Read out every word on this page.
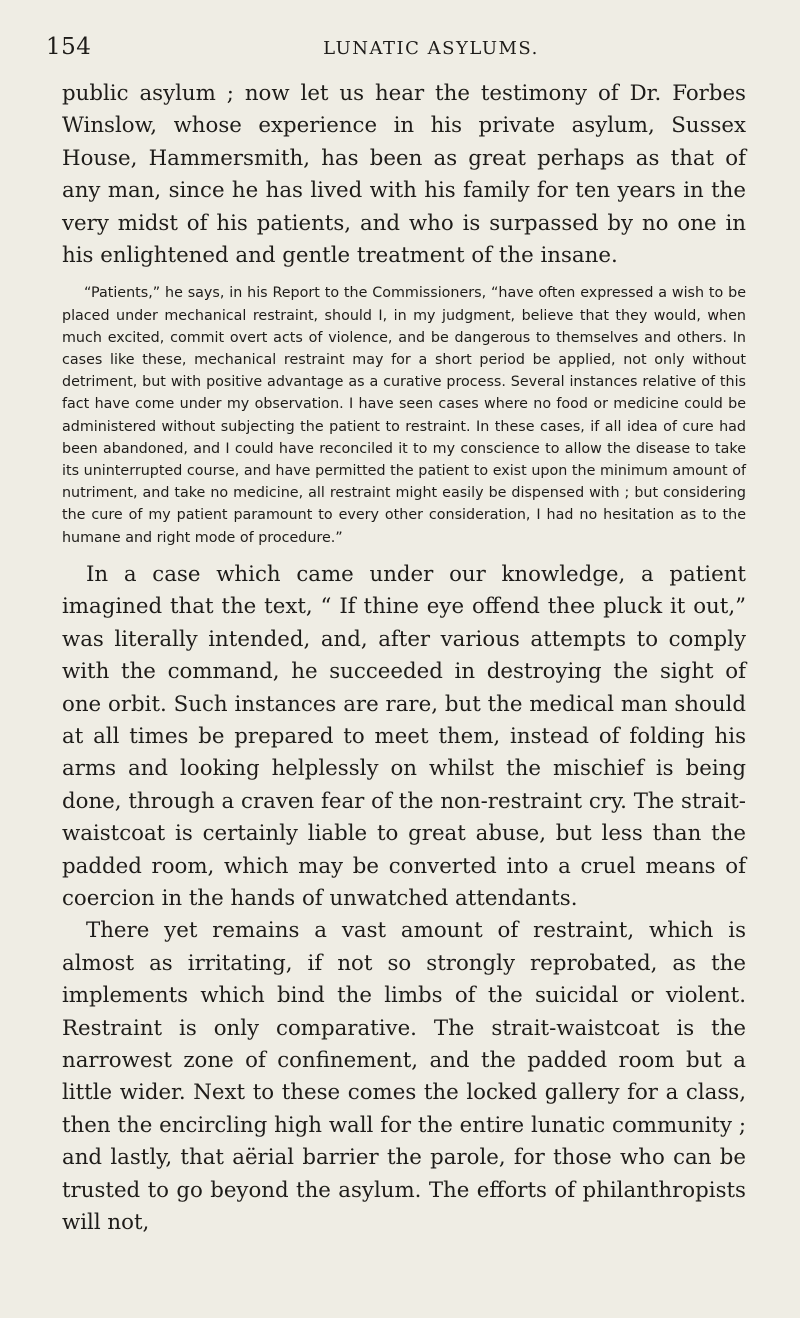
154	LUNATIC ASYLUMS.

public asylum ; now let us hear the testimony of Dr. Forbes Winslow, whose experience in his private asylum, Sussex House, Hammersmith, has been as great perhaps as that of any man, since he has lived with his family for ten years in the very midst of his patients, and who is surpassed by no one in his enlightened and gentle treatment of the insane.

“Patients,” he says, in his Report to the Commissioners, “have often expressed a wish to be placed under mechanical restraint, should I, in my judgment, believe that they would, when much excited, commit overt acts of violence, and be dangerous to themselves and others. In cases like these, mechanical restraint may for a short period be applied, not only without detriment, but with positive advantage as a curative process. Several instances relative of this fact have come under my observation. I have seen cases where no food or medicine could be administered without subjecting the patient to restraint. In these cases, if all idea of cure had been abandoned, and I could have reconciled it to my conscience to allow the disease to take its uninterrupted course, and have permitted the patient to exist upon the minimum amount of nutriment, and take no medicine, all restraint might easily be dispensed with ; but considering the cure of my patient paramount to every other consideration, I had no hesitation as to the humane and right mode of procedure.”

In a case which came under our knowledge, a patient imagined that the text, “ If thine eye offend thee pluck it out,” was literally intended, and, after various attempts to comply with the command, he succeeded in destroying the sight of one orbit. Such instances are rare, but the medical man should at all times be prepared to meet them, instead of folding his arms and looking helplessly on whilst the mischief is being done, through a craven fear of the non-restraint cry. The strait-waistcoat is certainly liable to great abuse, but less than the padded room, which may be converted into a cruel means of coercion in the hands of unwatched attendants.

There yet remains a vast amount of restraint, which is almost as irritating, if not so strongly reprobated, as the implements which bind the limbs of the suicidal or violent. Restraint is only comparative. The strait-waistcoat is the narrowest zone of confinement, and the padded room but a little wider. Next to these comes the locked gallery for a class, then the encircling high wall for the entire lunatic community ; and lastly, that aërial barrier the parole, for those who can be trusted to go beyond the asylum. The efforts of philanthropists will not,
